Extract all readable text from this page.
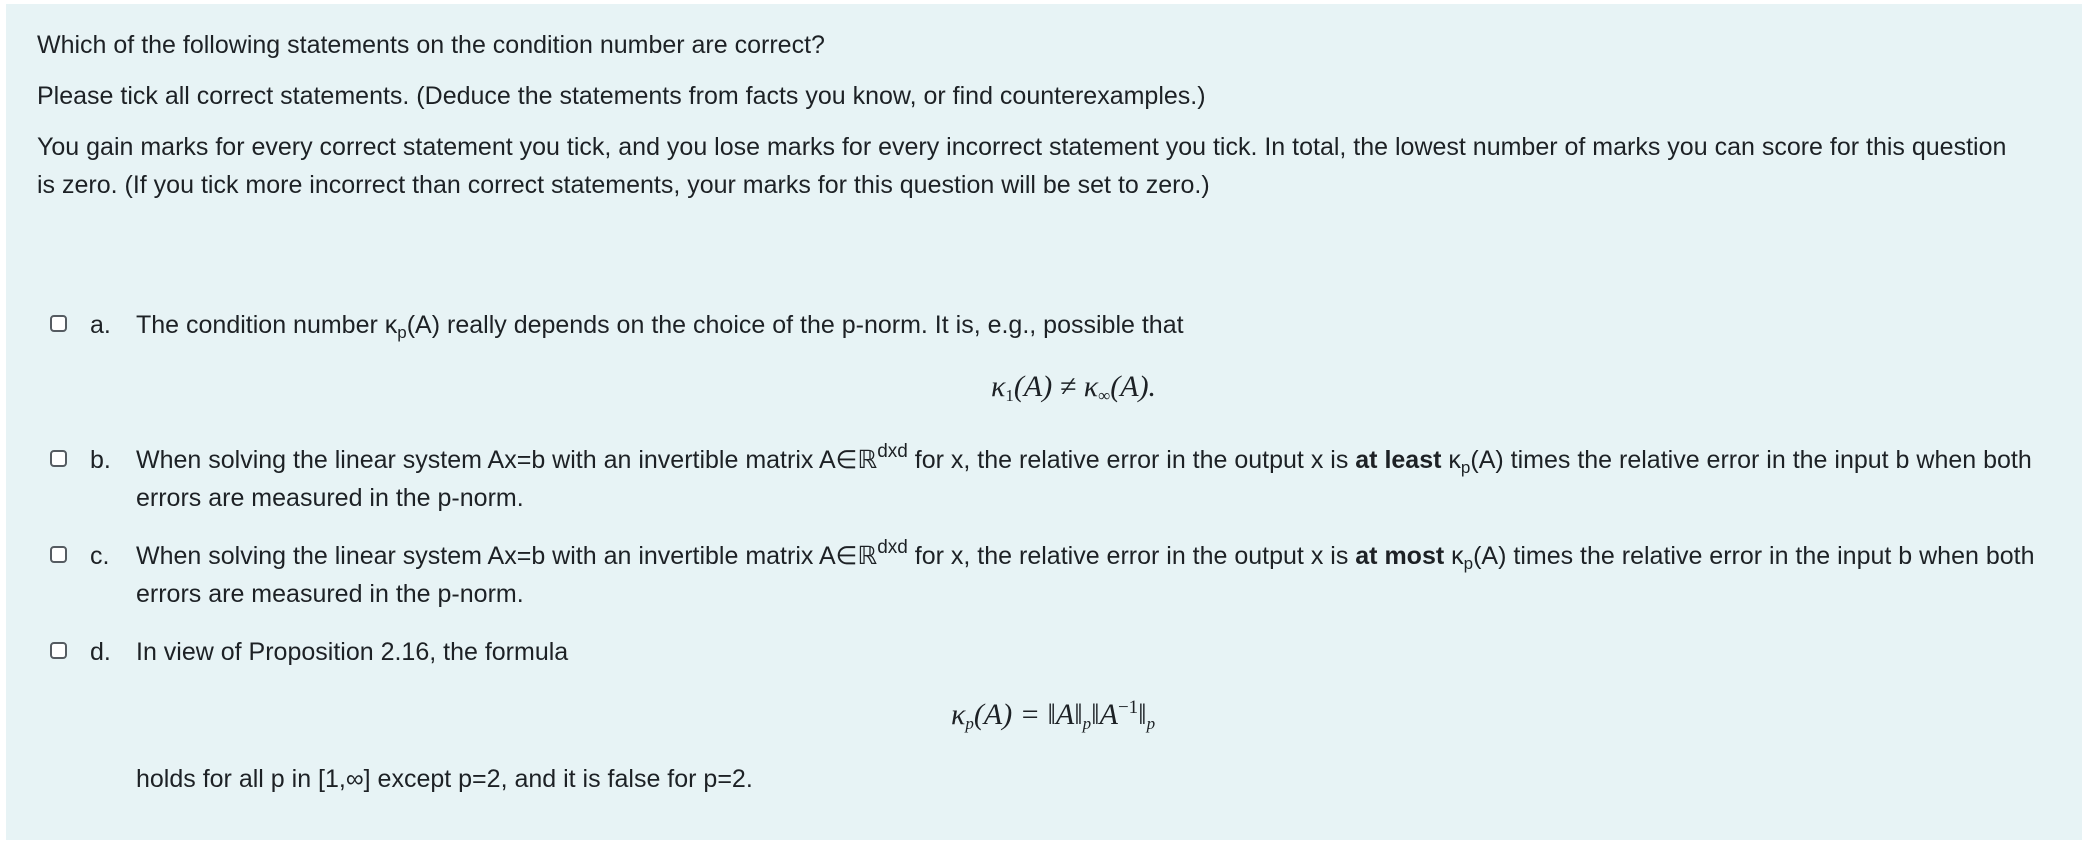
Which of the following statements on the condition number are correct?

Please tick all correct statements. (Deduce the statements from facts you know, or find counterexamples.)

You gain marks for every correct statement you tick, and you lose marks for every incorrect statement you tick. In total, the lowest number of marks you can score for this question is zero. (If you tick more incorrect than correct statements, your marks for this question will be set to zero.)

a. The condition number $\kappa_p(A)$ really depends on the choice of the p-norm. It is, e.g., possible that
$\kappa_1(A) \ne \kappa_\infty(A)$.
b. When solving the linear system Ax=b with an invertible matrix A∈ℝ$^{dxd}$ for x, the relative error in the output x is at least $\kappa_p(A)$ times the relative error in the input b when both errors are measured in the p-norm.
c. When solving the linear system Ax=b with an invertible matrix A∈ℝ$^{dxd}$ for x, the relative error in the output x is at most $\kappa_p(A)$ times the relative error in the input b when both errors are measured in the p-norm.
d. In view of Proposition 2.16, the formula
$\kappa_p(A)$ = $‖A‖_p‖A^{-1}‖_p$
holds for all p in [1,∞] except p=2, and it is false for p=2.
